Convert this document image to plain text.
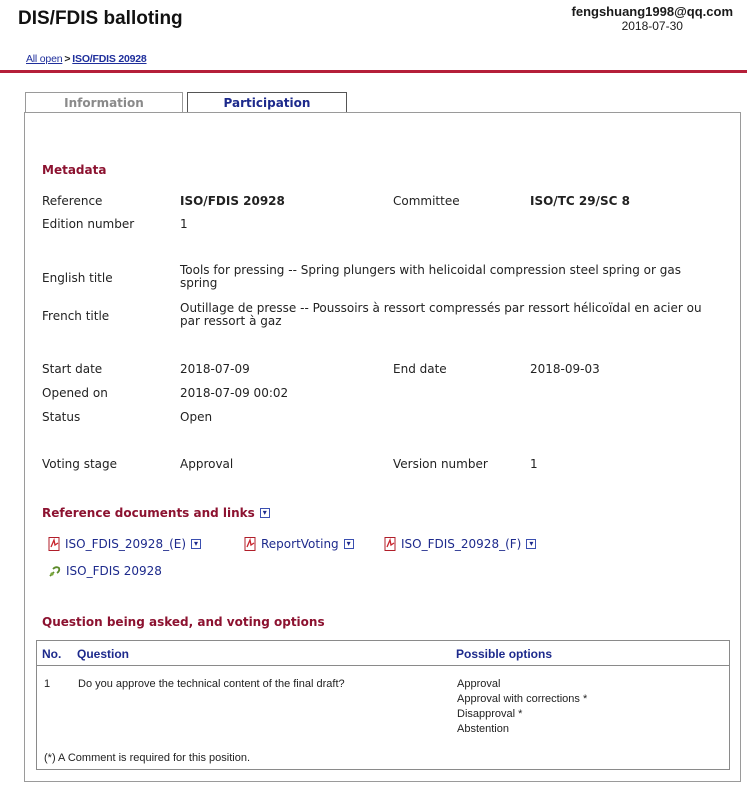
DIS/FDIS balloting	fengshuang1998@qq.com
2018-07-30
All open > ISO/FDIS 20928
Information	Participation
Metadata
Reference	ISO/FDIS 20928	Committee	ISO/TC 29/SC 8
Edition number	1
English title
Tools for pressing -- Spring plungers with helicoidal compression steel spring or gas spring
French title
Outillage de presse -- Poussoirs à ressort compressés par ressort hélicoïdal en acier ou par ressort à gaz
Start date	2018-07-09	End date	2018-09-03
Opened on	2018-07-09 00:02
Status	Open
Voting stage	Approval	Version number	1
Reference documents and links ▾
ISO_FDIS_20928_(E) ▾	ReportVoting ▾	ISO_FDIS_20928_(F) ▾
ISO_FDIS 20928
Question being asked, and voting options
No. Question	Possible options
1	Do you approve the technical content of the final draft?	Approval
Approval with corrections *
Disapproval *
Abstention
(*) A Comment is required for this position.
